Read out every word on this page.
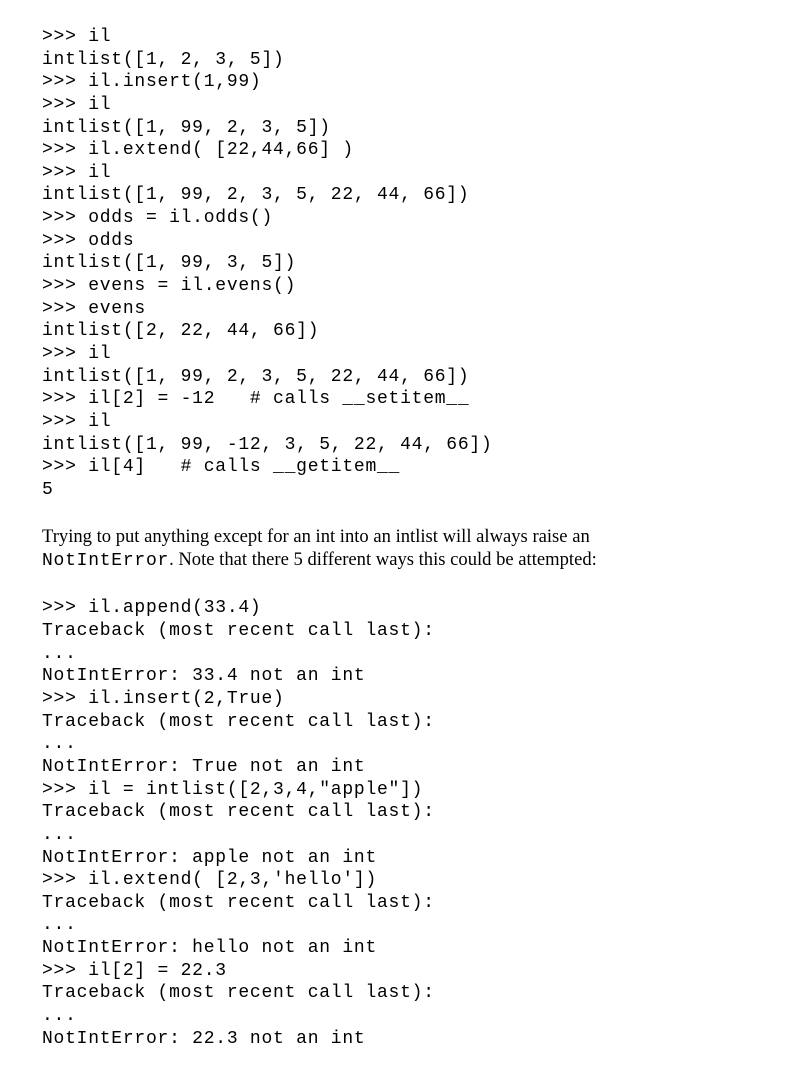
>>> il
intlist([1, 2, 3, 5])
>>> il.insert(1,99)
>>> il
intlist([1, 99, 2, 3, 5])
>>> il.extend( [22,44,66] )
>>> il
intlist([1, 99, 2, 3, 5, 22, 44, 66])
>>> odds = il.odds()
>>> odds
intlist([1, 99, 3, 5])
>>> evens = il.evens()
>>> evens
intlist([2, 22, 44, 66])
>>> il
intlist([1, 99, 2, 3, 5, 22, 44, 66])
>>> il[2] = -12   # calls __setitem__
>>> il
intlist([1, 99, -12, 3, 5, 22, 44, 66])
>>> il[4]   # calls __getitem__
5

Trying to put anything except for an int into an intlist will always raise an
NotIntError. Note that there 5 different ways this could be attempted:

>>> il.append(33.4)
Traceback (most recent call last):
...
NotIntError: 33.4 not an int
>>> il.insert(2,True)
Traceback (most recent call last):
...
NotIntError: True not an int
>>> il = intlist([2,3,4,"apple"])
Traceback (most recent call last):
...
NotIntError: apple not an int
>>> il.extend( [2,3,'hello'])
Traceback (most recent call last):
...
NotIntError: hello not an int
>>> il[2] = 22.3
Traceback (most recent call last):
...
NotIntError: 22.3 not an int
